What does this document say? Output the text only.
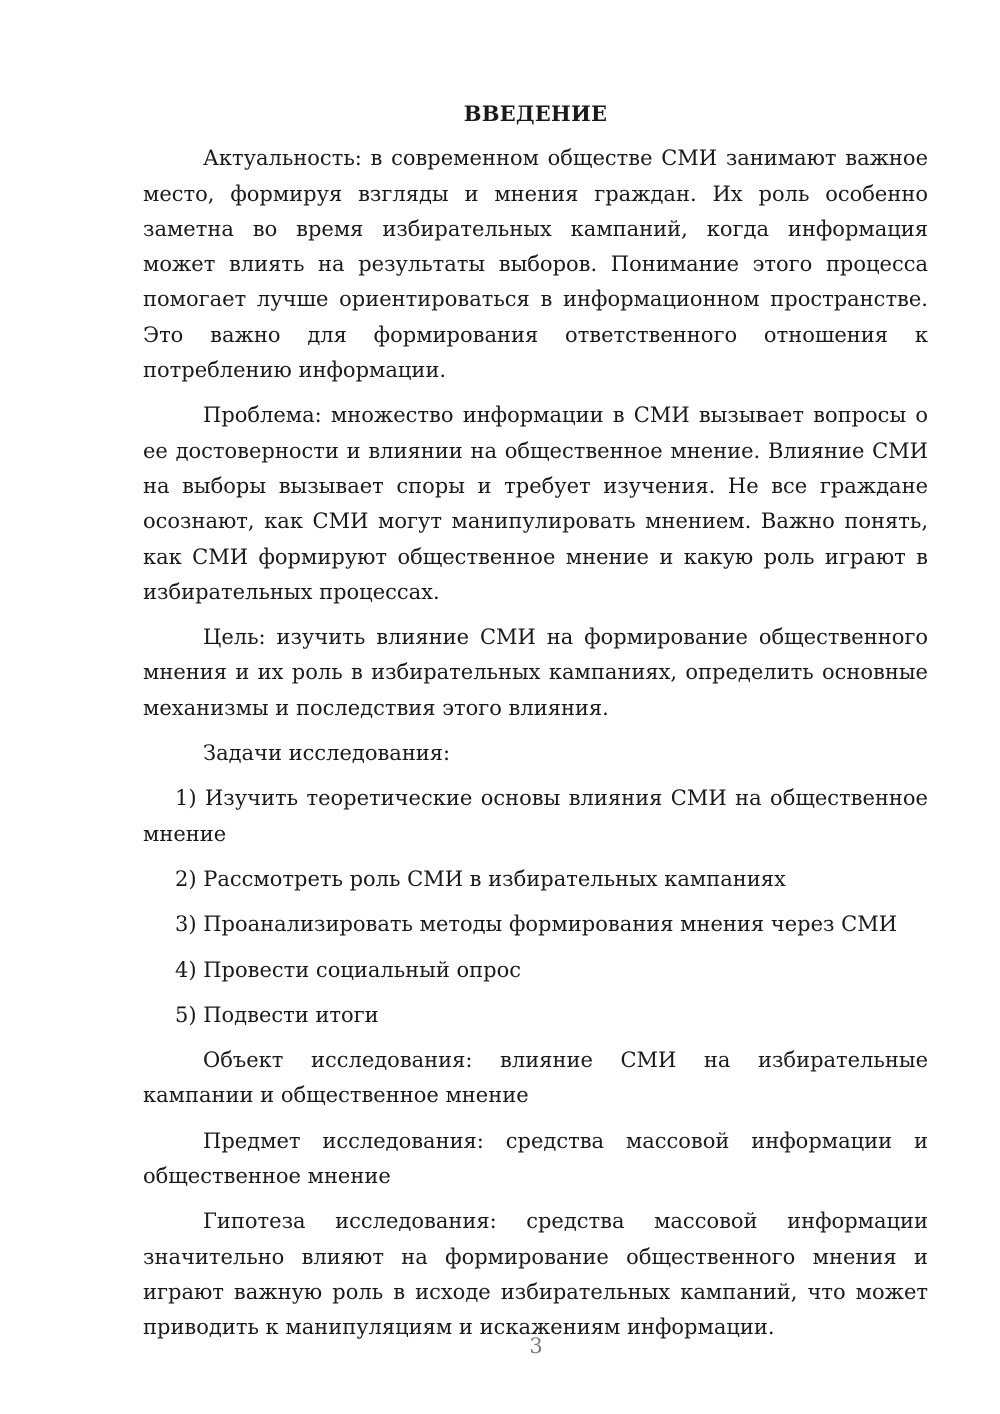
ВВЕДЕНИЕ

Актуальность: в современном обществе СМИ занимают важное место, формируя взгляды и мнения граждан. Их роль особенно заметна во время избирательных кампаний, когда информация может влиять на результаты выборов. Понимание этого процесса помогает лучше ориентироваться в информационном пространстве. Это важно для формирования ответственного отношения к потреблению информации.

Проблема: множество информации в СМИ вызывает вопросы о ее достоверности и влиянии на общественное мнение. Влияние СМИ на выборы вызывает споры и требует изучения. Не все граждане осознают, как СМИ могут манипулировать мнением. Важно понять, как СМИ формируют общественное мнение и какую роль играют в избирательных процессах.

Цель: изучить влияние СМИ на формирование общественного мнения и их роль в избирательных кампаниях, определить основные механизмы и последствия этого влияния.

Задачи исследования:

1) Изучить теоретические основы влияния СМИ на общественное мнение

2) Рассмотреть роль СМИ в избирательных кампаниях

3) Проанализировать методы формирования мнения через СМИ

4) Провести социальный опрос

5) Подвести итоги

Объект исследования: влияние СМИ на избирательные кампании и общественное мнение

Предмет исследования: средства массовой информации и общественное мнение

Гипотеза исследования: средства массовой информации значительно влияют на формирование общественного мнения и играют важную роль в исходе избирательных кампаний, что может приводить к манипуляциям и искажениям информации.

3
